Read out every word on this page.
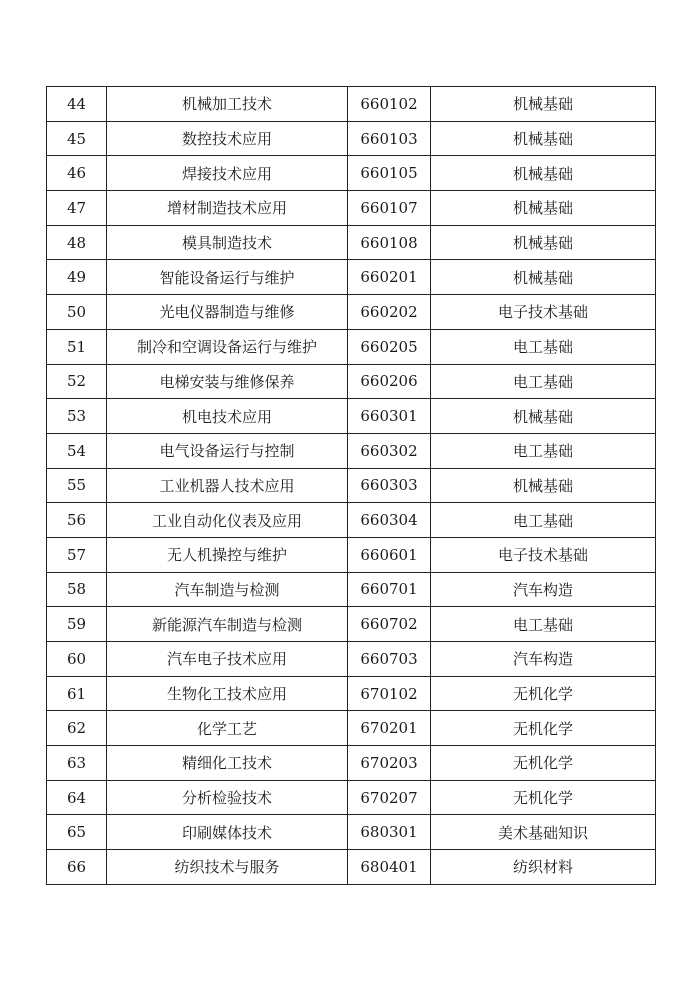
44	机械加工技术	660102	机械基础
45	数控技术应用	660103	机械基础
46	焊接技术应用	660105	机械基础
47	增材制造技术应用	660107	机械基础
48	模具制造技术	660108	机械基础
49	智能设备运行与维护	660201	机械基础
50	光电仪器制造与维修	660202	电子技术基础
51	制冷和空调设备运行与维护	660205	电工基础
52	电梯安装与维修保养	660206	电工基础
53	机电技术应用	660301	机械基础
54	电气设备运行与控制	660302	电工基础
55	工业机器人技术应用	660303	机械基础
56	工业自动化仪表及应用	660304	电工基础
57	无人机操控与维护	660601	电子技术基础
58	汽车制造与检测	660701	汽车构造
59	新能源汽车制造与检测	660702	电工基础
60	汽车电子技术应用	660703	汽车构造
61	生物化工技术应用	670102	无机化学
62	化学工艺	670201	无机化学
63	精细化工技术	670203	无机化学
64	分析检验技术	670207	无机化学
65	印刷媒体技术	680301	美术基础知识
66	纺织技术与服务	680401	纺织材料
